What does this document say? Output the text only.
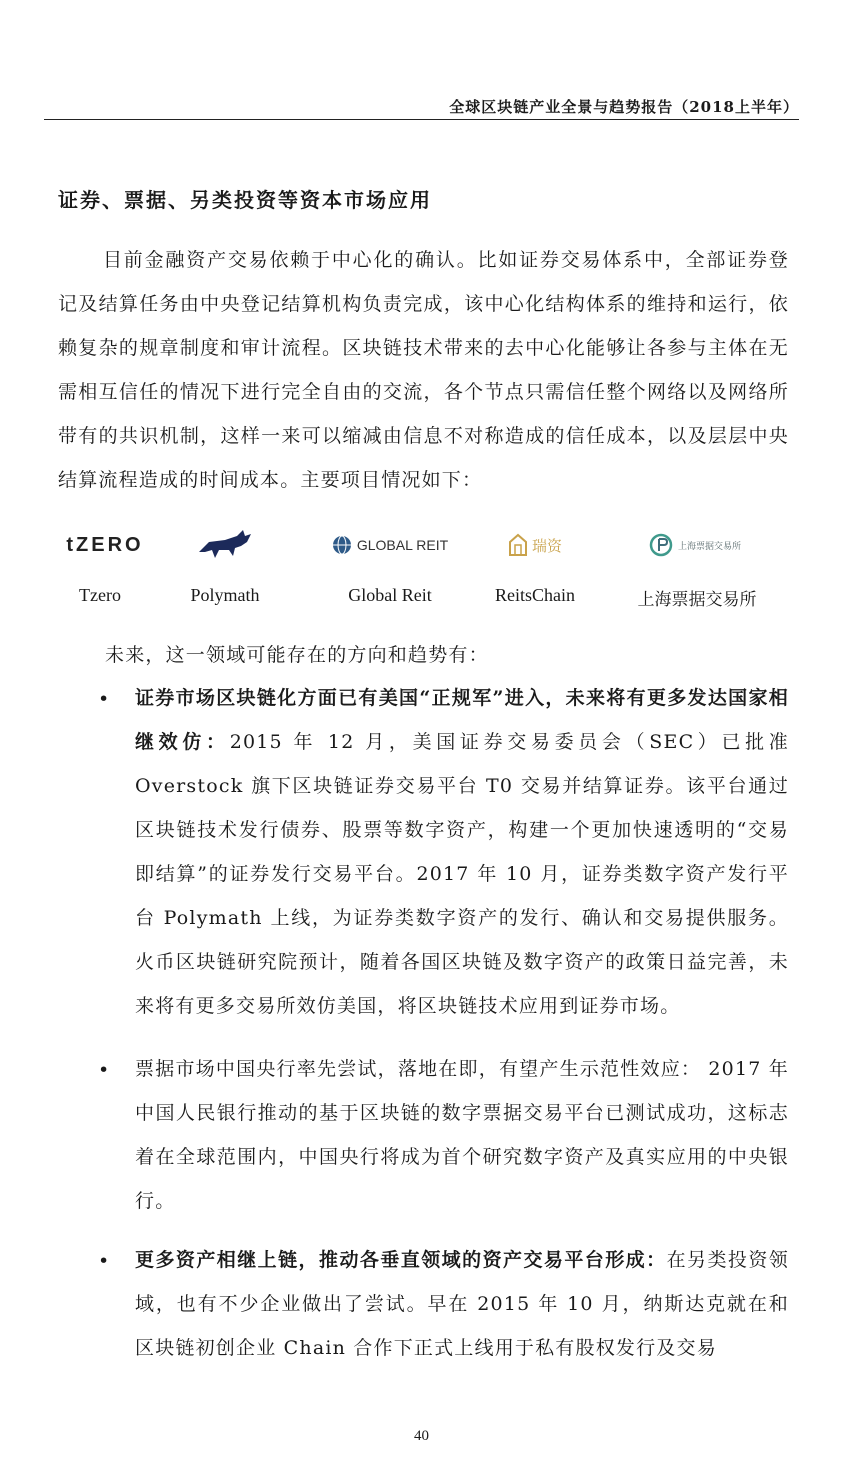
全球区块链产业全景与趋势报告（2018上半年）
证券、票据、另类投资等资本市场应用

目前金融资产交易依赖于中心化的确认。比如证券交易体系中，全部证券登记及结算任务由中央登记结算机构负责完成，该中心化结构体系的维持和运行，依赖复杂的规章制度和审计流程。区块链技术带来的去中心化能够让各参与主体在无需相互信任的情况下进行完全自由的交流，各个节点只需信任整个网络以及网络所带有的共识机制，这样一来可以缩减由信息不对称造成的信任成本，以及层层中央结算流程造成的时间成本。主要项目情况如下：

tZERO
Tzero	Polymath
GLOBAL REIT
Global Reit
瑞资
ReitsChain
上海票据交易所
上海票据交易所
未来，这一领域可能存在的方向和趋势有：
• 证券市场区块链化方面已有美国“正规军”进入，未来将有更多发达国家相继效仿：2015 年 12 月，美国证券交易委员会（SEC）已批准 Overstock 旗下区块链证券交易平台 T0 交易并结算证券。该平台通过区块链技术发行债券、股票等数字资产，构建一个更加快速透明的“交易即结算”的证券发行交易平台。2017 年 10 月，证券类数字资产发行平台 Polymath 上线，为证券类数字资产的发行、确认和交易提供服务。火币区块链研究院预计，随着各国区块链及数字资产的政策日益完善，未来将有更多交易所效仿美国，将区块链技术应用到证券市场。

• 票据市场中国央行率先尝试，落地在即，有望产生示范性效应： 2017 年中国人民银行推动的基于区块链的数字票据交易平台已测试成功，这标志着在全球范围内，中国央行将成为首个研究数字资产及真实应用的中央银行。

• 更多资产相继上链，推动各垂直领域的资产交易平台形成：在另类投资领域，也有不少企业做出了尝试。早在 2015 年 10 月，纳斯达克就在和区块链初创企业 Chain 合作下正式上线用于私有股权发行及交易

40
